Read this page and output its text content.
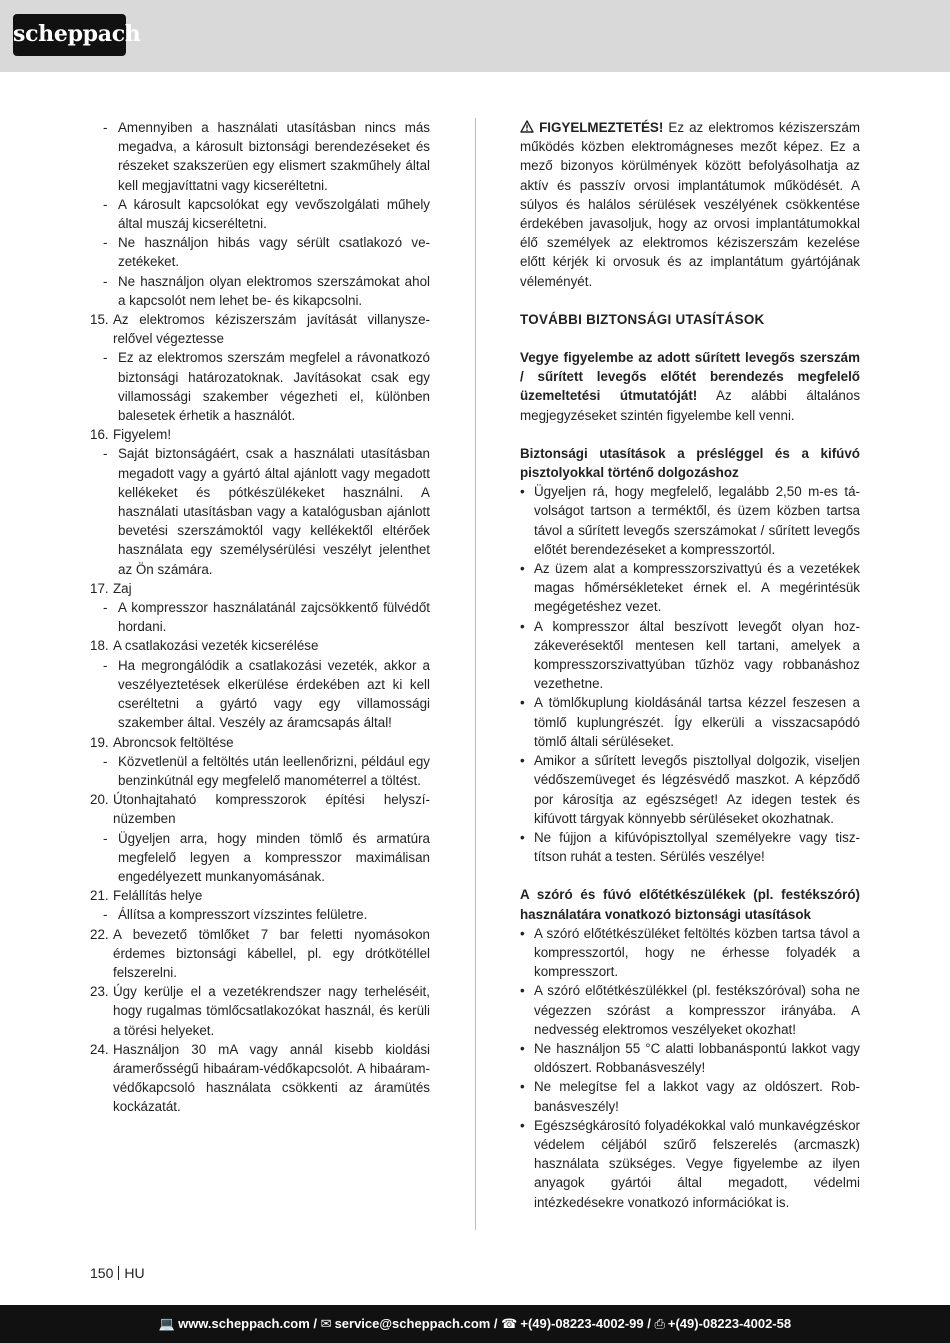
scheppach
- Amennyiben a használati utasításban nincs más megadva, a károsult biztonsági berendezéseket és részeket szakszerüen egy elismert szakműhely által kell megjavíttatni vagy kicseréltetni.
- A károsult kapcsolókat egy vevőszolgálati műhely által muszáj kicseréltetni.
- Ne használjon hibás vagy sérült csatlakozó vezetékeket.
- Ne használjon olyan elektromos szerszámokat ahol a kapcsolót nem lehet be- és kikapcsolni.
15. Az elektromos kéziszerszám javítását villanyszerelővel végeztesse
- Ez az elektromos szerszám megfelel a rávonatkozó biztonsági határozatoknak. Javításokat csak egy villamossági szakember végezheti el, különben balesetek érhetik a használót.
16. Figyelem!
- Saját biztonságáért, csak a használati utasításban megadott vagy a gyártó által ajánlott vagy megadott kellékeket és pótkészülékeket használni. A használati utasításban vagy a katalógusban ajánlott bevetési szerszámoktól vagy kellékektől eltérőek használata egy személysérülési veszélyt jelenthet az Ön számára.
17. Zaj
- A kompresszor használatánál zajcsökkentő fülvédőt hordani.
18. A csatlakozási vezeték kicserélése
- Ha megrongálódik a csatlakozási vezeték, akkor a veszélyeztetések elkerülése érdekében azt ki kell cseréltetni a gyártó vagy egy villamossági szakember által. Veszély az áramcsapás által!
19. Abroncsok feltöltése
- Közvetlenül a feltöltés után leellenőrizni, például egy benzinkútnál egy megfelelő manométerrel a töltést.
20. Útonhajtaható kompresszorok építési helyszínüzemben
- Ügyeljen arra, hogy minden tömlő és armatúra megfelelő legyen a kompresszor maximálisan engedélyezett munkanyomásának.
21. Felállítás helye
- Állítsa a kompresszort vízszintes felületre.
22. A bevezető tömlőket 7 bar feletti nyomásokon érdemes biztonsági kábellel, pl. egy drótkötéllel felszerelni.
23. Úgy kerülje el a vezetékrendszer nagy terheléséit, hogy rugalmas tömlőcsatlakozókat használ, és kerüli a törési helyeket.
24. Használjon 30 mA vagy annál kisebb kioldási áramerősségű hibaáram-védőkapcsolót. A hibaáram-védőkapcsoló használata csökkenti az áramütés kockázatát.

FIGYELMEZTETÉS! Ez az elektromos kéziszerszám működés közben elektromágneses mezőt képez. Ez a mező bizonyos körülmények között befolyásolhatja az aktív és passzív orvosi implantátumok működését. A súlyos és halálos sérülések veszélyének csökkentése érdekében javasoljuk, hogy az orvosi implantátumokkal élő személyek az elektromos kéziszerszám kezelése előtt kérjék ki orvosuk és az implantátum gyártójának véleményét.

TOVÁBBI BIZTONSÁGI UTASÍTÁSOK

Vegye figyelembe az adott sűrített levegős szerszám / sűrített levegős előtét berendezés megfelelő üzemeltetési útmutatóját! Az alábbi általános megjegyzéseket szintén figyelembe kell venni.

Biztonsági utasítások a présléggel és a kifúvó pisztolyokkal történő dolgozáshoz

• Ügyeljen rá, hogy megfelelő, legalább 2,50 m-es távolságot tartson a terméktől, és üzem közben tartsa távol a sűrített levegős szerszámokat / sűrített levegős előtét berendezéseket a kompresszortól.
• Az üzem alat a kompresszorszivattyú és a vezetékek magas hőmérsékleteket érnek el. A megérintésük megégetéshez vezet.
• A kompresszor által beszívott levegőt olyan hozzákeverésektől mentesen kell tartani, amelyek a kompresszorszivattyúban tűzhöz vagy robbanáshoz vezethetne.
• A tömlőkuplung kioldásánál tartsa kézzel feszesen a tömlő kuplungrészét. Így elkerüli a visszacsapódó tömlő általi sérüléseket.
• Amikor a sűrített levegős pisztollyal dolgozik, viseljen védőszemüveget és légzésvédő maszkot. A képződő por károsítja az egészséget! Az idegen testek és kifúvott tárgyak könnyebb sérüléseket okozhatnak.
• Ne fújjon a kifúvópisztollyal személyekre vagy tisztítson ruhát a testen. Sérülés veszélye!

A szóró és fúvó előtétkészülékek (pl. festékszóró) használatára vonatkozó biztonsági utasítások

• A szóró előtétkészüléket feltöltés közben tartsa távol a kompresszortól, hogy ne érhesse folyadék a kompresszort.
• A szóró előtétkészülékkel (pl. festékszóróval) soha ne végezzen szórást a kompresszor irányába. A nedvesség elektromos veszélyeket okozhat!
• Ne használjon 55 °C alatti lobbanáspontú lakkot vagy oldószert. Robbanásveszély!
• Ne melegítse fel a lakkot vagy az oldószert. Robbanásveszély!
• Egészségkárosító folyadékokkal való munkavégzéskor védelem céljából szűrő felszerelés (arcmaszk) használata szükséges. Vegye figyelembe az ilyen anyagok gyártói által megadott, védelmi intézkedésekre vonatkozó információkat is.
150 HU
💻 www.scheppach.com / ✉ service@scheppach.com / ☎ +(49)-08223-4002-99 / ⎙ +(49)-08223-4002-58
